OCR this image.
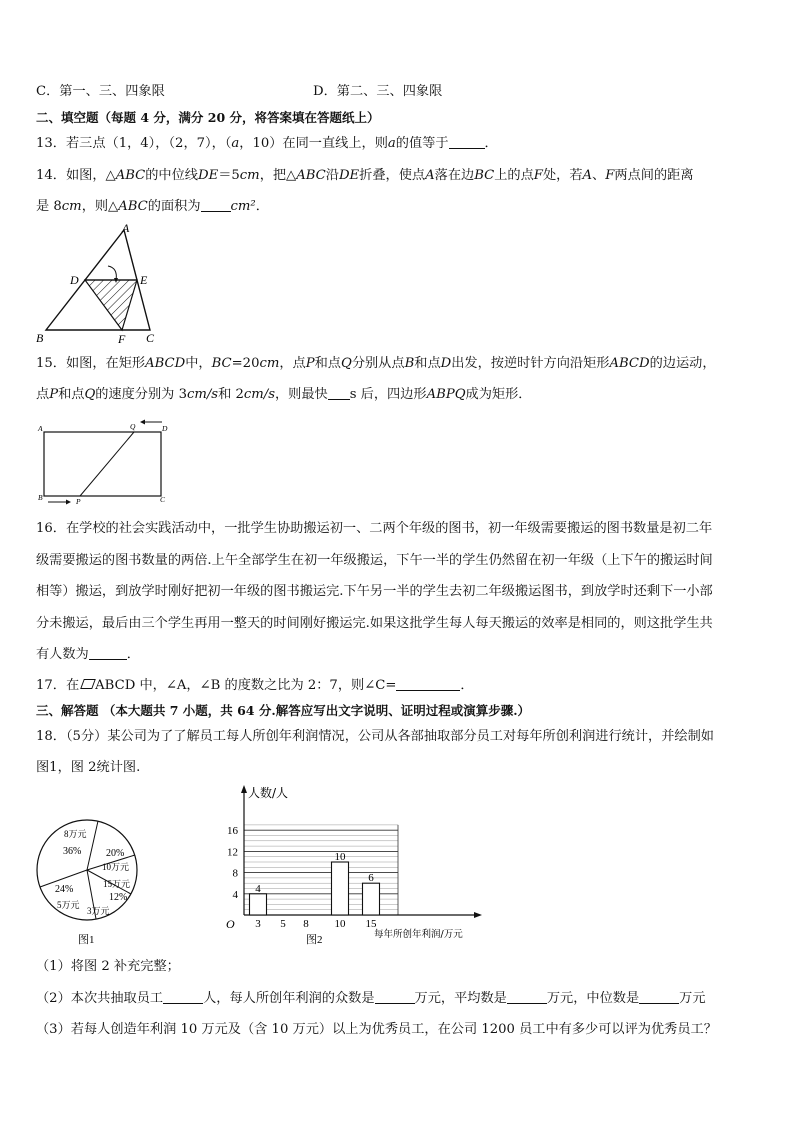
C．第一、三、四象限	D．第二、三、四象限
二、填空题（每题 4 分，满分 20 分，将答案填在答题纸上）
13．若三点（1，4），（2，7），（a，10）在同一直线上，则a的值等于	．
14．如图，△ABC的中位线DE＝5cm，把△ABC沿DE折叠，使点A落在边BC上的点F处，若A、F两点间的距离
是 8cm，则△ABC的面积为 cm²．
A
D	E
B	F C
15．如图，在矩形ABCD中，BC=20cm，点P和点Q分别从点B和点D出发，按逆时针方向沿矩形ABCD的边运动，
点P和点Q的速度分别为 3cm/s和 2cm/s，则最快 s 后，四边形ABPQ成为矩形．
A	Q	D
B	P	C
16．在学校的社会实践活动中，一批学生协助搬运初一、二两个年级的图书，初一年级需要搬运的图书数量是初二年
级需要搬运的图书数量的两倍.上午全部学生在初一年级搬运，下午一半的学生仍然留在初一年级（上下午的搬运时间
相等）搬运，到放学时刚好把初一年级的图书搬运完.下午另一半的学生去初二年级搬运图书，到放学时还剩下一小部
分未搬运，最后由三个学生再用一整天的时间刚好搬运完.如果这批学生每人每天搬运的效率是相同的，则这批学生共
有人数为	．
17．在 ABCD 中，∠A，∠B 的度数之比为 2：7，则∠C=	．
三、解答题 （本大题共 7 小题，共 64 分.解答应写出文字说明、证明过程或演算步骤.）
18．（5分）某公司为了了解员工每人所创年利润情况，公司从各部抽取部分员工对每年所创利润进行统计，并绘制如
图1，图 2统计图.
8万元
36% 20%
10万元
15万元
12%
24%
5万元
3万元
图1
人数/人
每年所创年利润/万元
O
图2
4
8
12
16
3 5 8 10 15
4
10
6
（1）将图 2 补充完整；
（2）本次共抽取员工	人，每人所创年利润的众数是	万元，平均数是	万元，中位数是	万元
（3）若每人创造年利润 10 万元及（含 10 万元）以上为优秀员工，在公司 1200 员工中有多少可以评为优秀员工？
